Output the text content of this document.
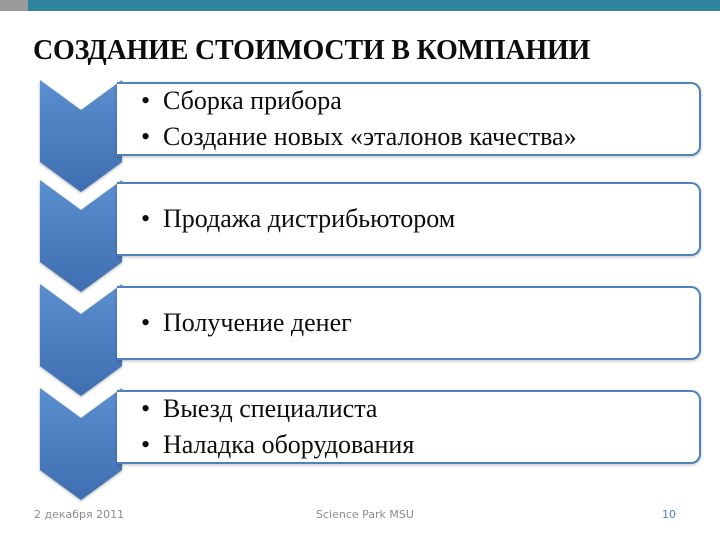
СОЗДАНИЕ СТОИМОСТИ В КОМПАНИИ
• Сборка прибора
• Создание новых «эталонов качества»
• Продажа дистрибьютором
• Получение денег
• Выезд специалиста
• Наладка оборудования
2 декабря 2011	Science Park MSU	10
